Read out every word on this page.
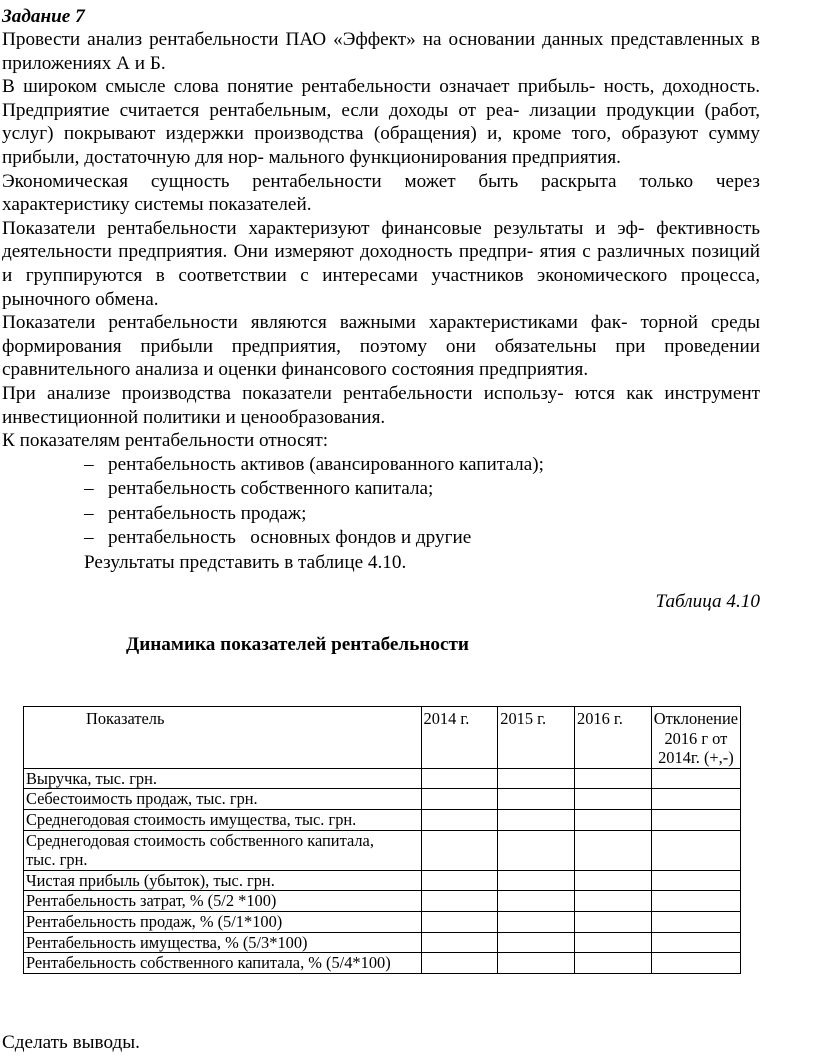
Задание 7

Провести анализ рентабельности ПАО «Эффект» на основании данных представленных в приложениях А и Б.

В широком смысле слова понятие рентабельности означает прибыль- ность, доходность. Предприятие считается рентабельным, если доходы от реа- лизации продукции (работ, услуг) покрывают издержки производства (обращения) и, кроме того, образуют сумму прибыли, достаточную для нор- мального функционирования предприятия.

Экономическая сущность рентабельности может быть раскрыта только через характеристику системы показателей.

Показатели рентабельности характеризуют финансовые результаты и эф- фективность деятельности предприятия. Они измеряют доходность предпри- ятия с различных позиций и группируются в соответствии с интересами участников экономического процесса, рыночного обмена.

Показатели рентабельности являются важными характеристиками фак- торной среды формирования прибыли предприятия, поэтому они обязательны при проведении сравнительного анализа и оценки финансового состояния предприятия.

При анализе производства показатели рентабельности использу- ются как инструмент инвестиционной политики и ценообразования.

К показателям рентабельности относят:

– рентабельность активов (авансированного капитала);
– рентабельность собственного капитала;
– рентабельность продаж;
– рентабельность   основных фондов и другие
Результаты представить в таблице 4.10.
Таблица 4.10
Динамика показателей рентабельности
Показатель	2014 г.	2015 г.	2016 г.	Отклонение 2016 г от 2014г. (+,-)
Выручка, тыс. грн.				
Себестоимость продаж, тыс. грн.				
Среднегодовая стоимость имущества, тыс. грн.				
Среднегодовая стоимость собственного капитала, тыс. грн.				
Чистая прибыль (убыток), тыс. грн.				
Рентабельность затрат, % (5/2 *100)				
Рентабельность продаж, % (5/1*100)				
Рентабельность имущества, % (5/3*100)				
Рентабельность собственного капитала, % (5/4*100)				
Сделать выводы.
